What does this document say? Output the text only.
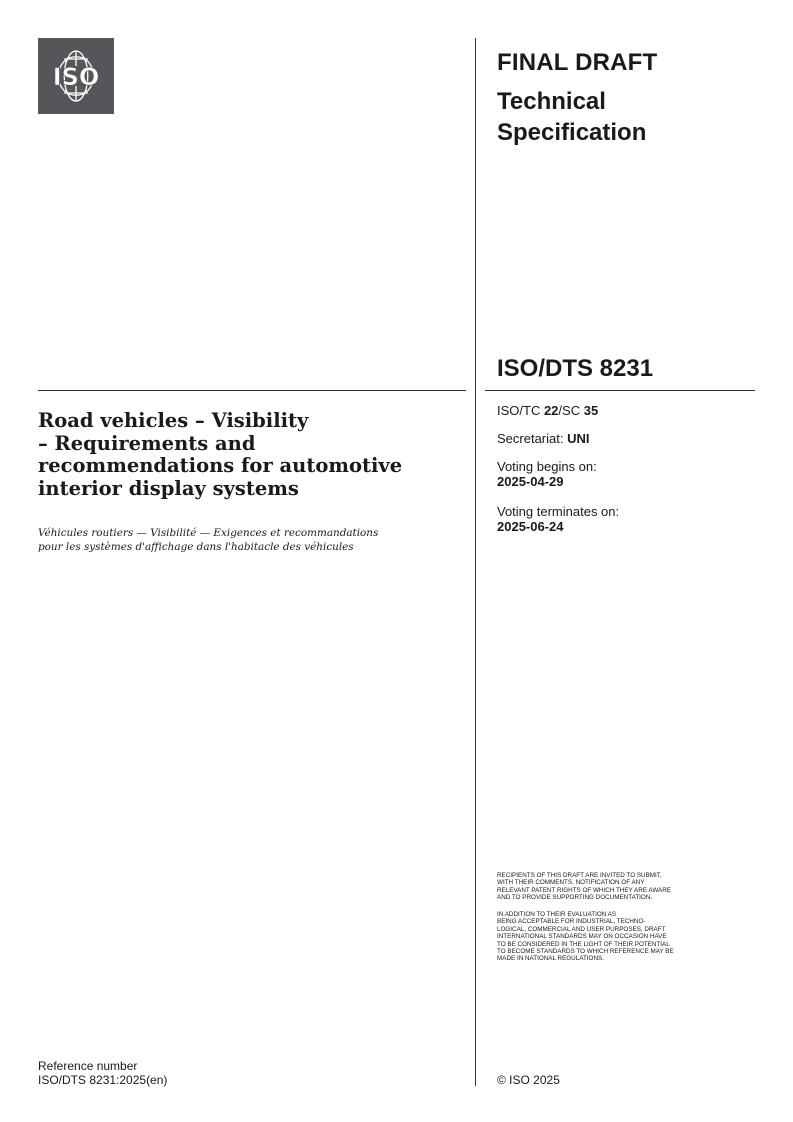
ISO
FINAL DRAFT
Technical
Specification
ISO/DTS 8231
Road vehicles – Visibility
– Requirements and
recommendations for automotive
interior display systems
Véhicules routiers — Visibilité — Exigences et recommandations
pour les systèmes d'affichage dans l'habitacle des véhicules
ISO/TC 22/SC 35
Secretariat: UNI
Voting begins on:
2025-04-29
Voting terminates on:
2025-06-24
RECIPIENTS OF THIS DRAFT ARE INVITED TO SUBMIT,
WITH THEIR COMMENTS, NOTIFICATION OF ANY
RELEVANT PATENT RIGHTS OF WHICH THEY ARE AWARE
AND TO PROVIDE SUPPORTING DOCUMENTATION.
IN ADDITION TO THEIR EVALUATION AS
BEING ACCEPTABLE FOR INDUSTRIAL, TECHNO-
LOGICAL, COMMERCIAL AND USER PURPOSES, DRAFT
INTERNATIONAL STANDARDS MAY ON OCCASION HAVE
TO BE CONSIDERED IN THE LIGHT OF THEIR POTENTIAL
TO BECOME STANDARDS TO WHICH REFERENCE MAY BE
MADE IN NATIONAL REGULATIONS.
Reference number
ISO/DTS 8231:2025(en)	© ISO 2025
